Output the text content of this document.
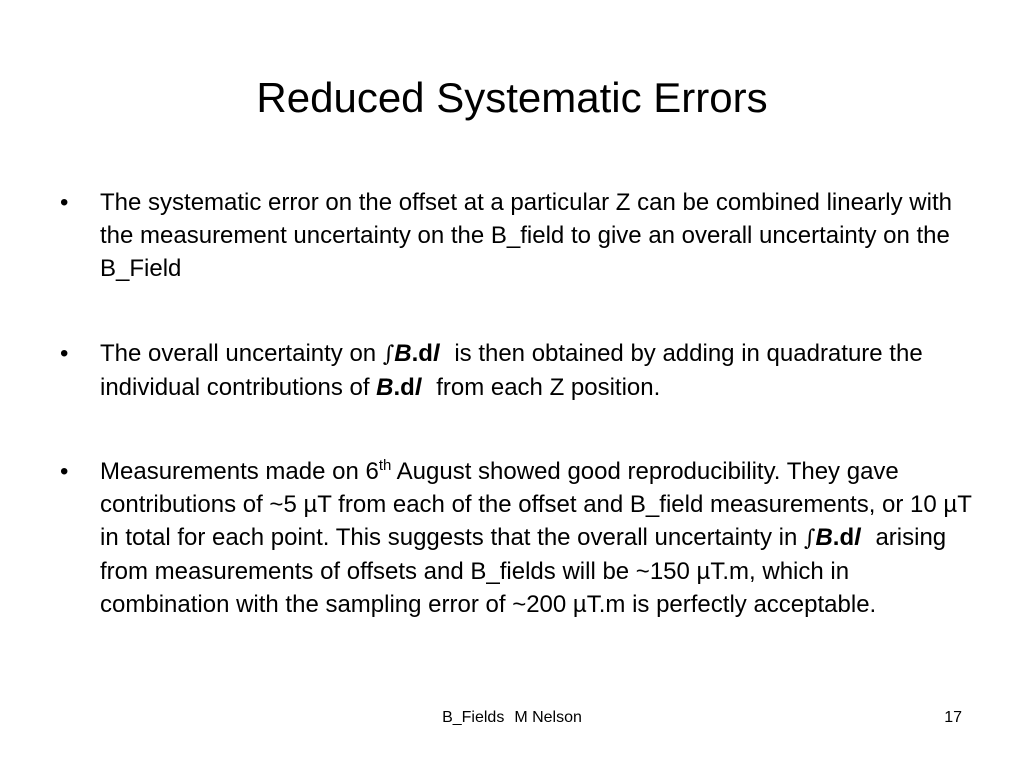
Reduced Systematic Errors
•	The systematic error on the offset at a particular Z can be combined linearly with the measurement uncertainty on the B_field to give an overall uncertainty on the B_Field
•	The overall uncertainty on ∫B.dl is then obtained by adding in quadrature the individual contributions of B.dl from each Z position.
•	Measurements made on 6th August showed good reproducibility. They gave contributions of ~5 µT from each of the offset and B_field measurements, or 10 µT in total for each point. This suggests that the overall uncertainty in ∫B.dl arising from measurements of offsets and B_fields will be ~150 µT.m, which in combination with the sampling error of ~200 µT.m is perfectly acceptable.
B_Fields M Nelson	17
